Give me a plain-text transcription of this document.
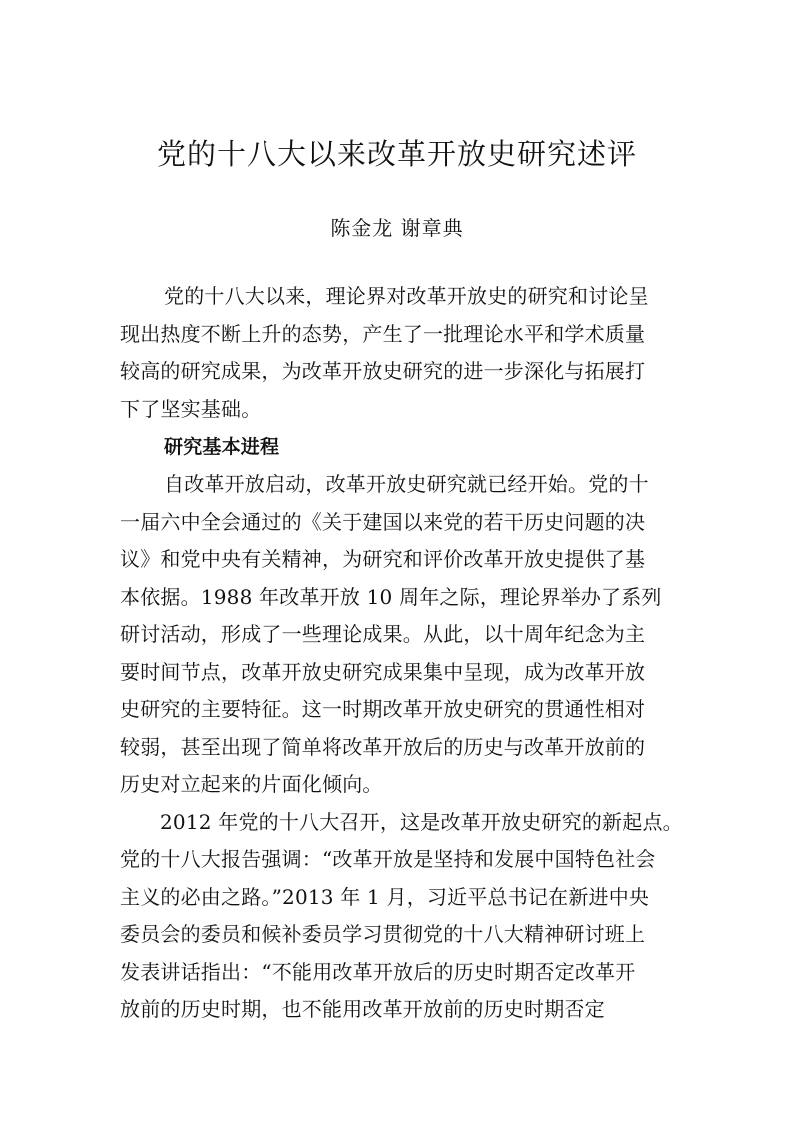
党的十八大以来改革开放史研究述评
陈金龙 谢章典
党的十八大以来，理论界对改革开放史的研究和讨论呈
现出热度不断上升的态势，产生了一批理论水平和学术质量
较高的研究成果，为改革开放史研究的进一步深化与拓展打
下了坚实基础。
研究基本进程
自改革开放启动，改革开放史研究就已经开始。党的十
一届六中全会通过的《关于建国以来党的若干历史问题的决
议》和党中央有关精神，为研究和评价改革开放史提供了基
本依据。1988 年改革开放 10 周年之际，理论界举办了系列
研讨活动，形成了一些理论成果。从此，以十周年纪念为主
要时间节点，改革开放史研究成果集中呈现，成为改革开放
史研究的主要特征。这一时期改革开放史研究的贯通性相对
较弱，甚至出现了简单将改革开放后的历史与改革开放前的
历史对立起来的片面化倾向。
2012 年党的十八大召开，这是改革开放史研究的新起点。
党的十八大报告强调：“改革开放是坚持和发展中国特色社会
主义的必由之路。”2013 年 1 月，习近平总书记在新进中央
委员会的委员和候补委员学习贯彻党的十八大精神研讨班上
发表讲话指出：“不能用改革开放后的历史时期否定改革开
放前的历史时期，也不能用改革开放前的历史时期否定
